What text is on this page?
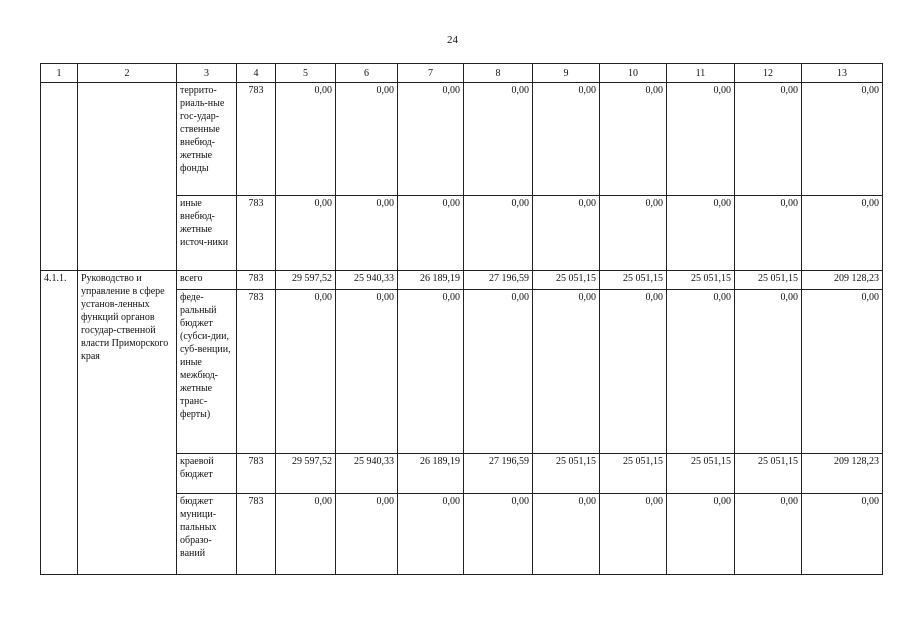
24
1	2	3	4	5	6	7	8	9	10	11	12	13
		террито-риаль-ные гос-удар-ственные внебюд-жетные фонды	783	0,00	0,00	0,00	0,00	0,00	0,00	0,00	0,00	0,00
		иные внебюд-жетные источ-ники	783	0,00	0,00	0,00	0,00	0,00	0,00	0,00	0,00	0,00
4.1.1.	Руководство и управление в сфере установ-ленных функций органов государ-ственной власти Приморского края	всего	783	29 597,52	25 940,33	26 189,19	27 196,59	25 051,15	25 051,15	25 051,15	25 051,15	209 128,23
		феде-ральный бюджет (субси-дии, суб-венции, иные межбюд-жетные транс-ферты)	783	0,00	0,00	0,00	0,00	0,00	0,00	0,00	0,00	0,00
		краевой бюджет	783	29 597,52	25 940,33	26 189,19	27 196,59	25 051,15	25 051,15	25 051,15	25 051,15	209 128,23
		бюджет муници-пальных образо-ваний	783	0,00	0,00	0,00	0,00	0,00	0,00	0,00	0,00	0,00
